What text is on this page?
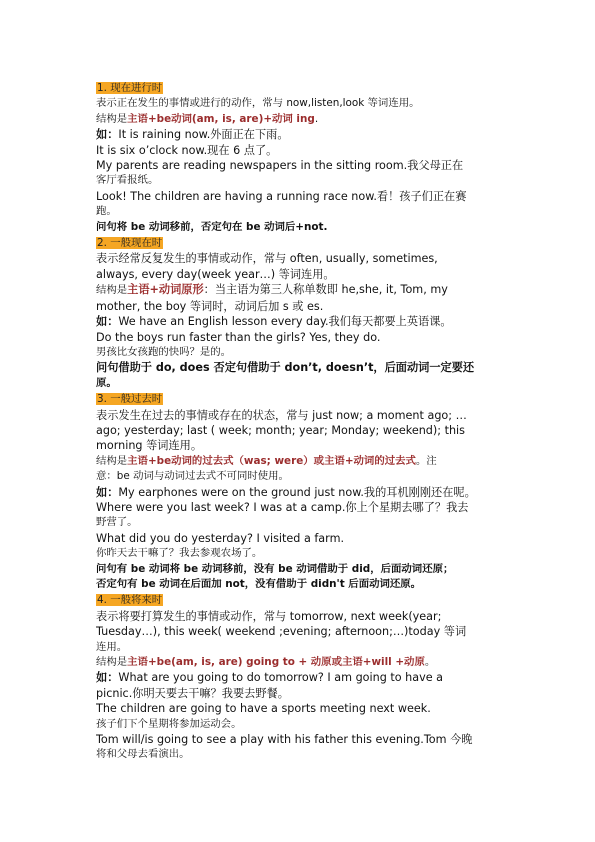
1. 现在进行时
表示正在发生的事情或进行的动作，常与 now,listen,look 等词连用。
结构是主语+be动词(am, is, are)+动词 ing.
如：It is raining now.外面正在下雨。
It is six o’clock now.现在 6 点了。
My parents are reading newspapers in the sitting room.我父母正在
客厅看报纸。
Look! The children are having a running race now.看！孩子们正在赛
跑。
问句将 be 动词移前，否定句在 be 动词后+not.
2. 一般现在时
表示经常反复发生的事情或动作，常与 often, usually, sometimes,
always, every day(week year…) 等词连用。
结构是主语+动词原形：当主语为第三人称单数即 he,she, it, Tom, my
mother, the boy 等词时，动词后加 s 或 es.
如：We have an English lesson every day.我们每天都要上英语课。
Do the boys run faster than the girls? Yes, they do.
男孩比女孩跑的快吗？是的。
问句借助于 do, does 否定句借助于 don’t, doesn’t，后面动词一定要还
原。
3. 一般过去时
表示发生在过去的事情或存在的状态，常与 just now; a moment ago; …
ago; yesterday; last ( week; month; year; Monday; weekend); this
morning 等词连用。
结构是主语+be动词的过去式（was; were）或主语+动词的过去式。注
意：be 动词与动词过去式不可同时使用。
如：My earphones were on the ground just now.我的耳机刚刚还在呢。
Where were you last week? I was at a camp.你上个星期去哪了？我去
野营了。
What did you do yesterday? I visited a farm.
你昨天去干嘛了？我去参观农场了。
问句有 be 动词将 be 动词移前，没有 be 动词借助于 did，后面动词还原；
否定句有 be 动词在后面加 not，没有借助于 didn't 后面动词还原。
4. 一般将来时
表示将要打算发生的事情或动作，常与 tomorrow, next week(year;
Tuesday…), this week( weekend ;evening; afternoon;…)today 等词
连用。
结构是主语+be(am, is, are) going to + 动原或主语+will +动原。
如：What are you going to do tomorrow? I am going to have a
picnic.你明天要去干嘛？我要去野餐。
The children are going to have a sports meeting next week.
孩子们下个星期将参加运动会。
Tom will/is going to see a play with his father this evening.Tom 今晚
将和父母去看演出。
